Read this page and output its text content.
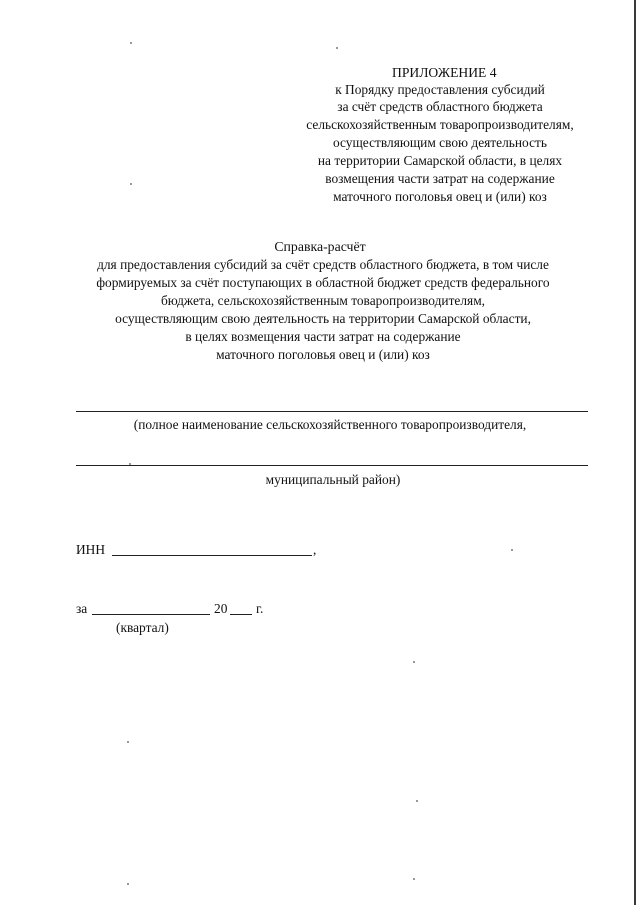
ПРИЛОЖЕНИЕ 4
к Порядку предоставления субсидий
за счёт средств областного бюджета
сельскохозяйственным товаропроизводителям,
осуществляющим свою деятельность
на территории Самарской области, в целях
возмещения части затрат на содержание
маточного поголовья овец и (или) коз
Справка-расчёт
для предоставления субсидий за счёт средств областного бюджета, в том числе
формируемых за счёт поступающих в областной бюджет средств федерального
бюджета, сельскохозяйственным товаропроизводителям,
осуществляющим свою деятельность на территории Самарской области,
в целях возмещения части затрат на содержание
маточного поголовья овец и (или) коз
(полное наименование сельскохозяйственного товаропроизводителя,
муниципальный район)
ИНН	,
за	20 г.
(квартал)
